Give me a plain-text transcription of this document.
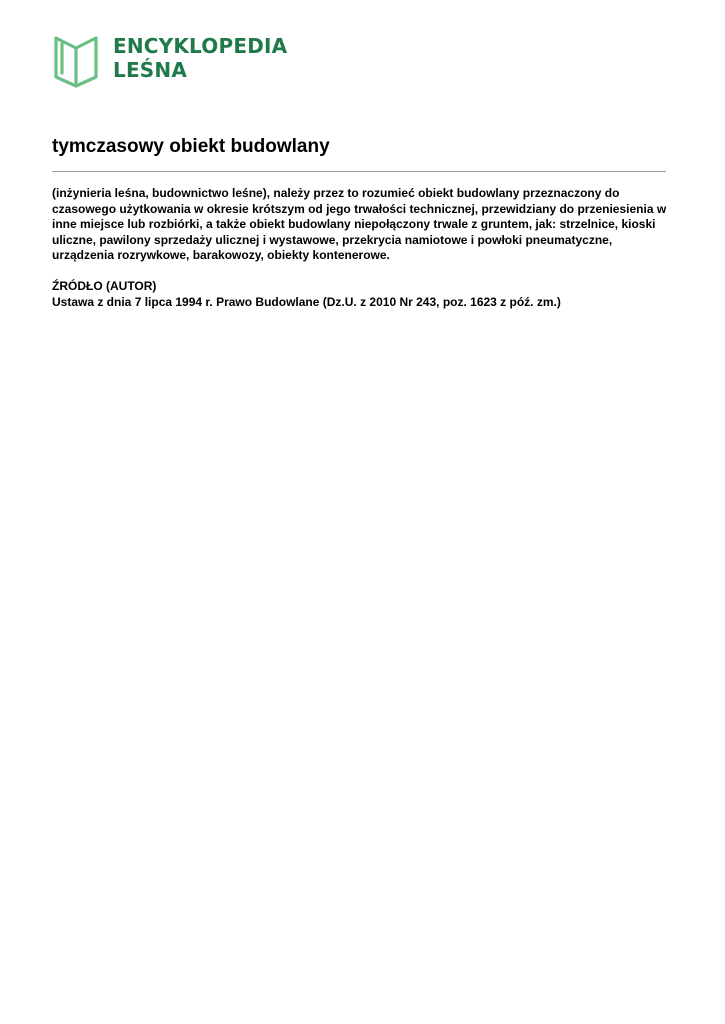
ENCYKLOPEDIA
LEŚNA
tymczasowy obiekt budowlany

(inżynieria leśna, budownictwo leśne), należy przez to rozumieć obiekt budowlany przeznaczony do czasowego użytkowania w okresie krótszym od jego trwałości technicznej, przewidziany do przeniesienia w inne miejsce lub rozbiórki, a także obiekt budowlany niepołączony trwale z gruntem, jak: strzelnice, kioski uliczne, pawilony sprzedaży ulicznej i wystawowe, przekrycia namiotowe i powłoki pneumatyczne, urządzenia rozrywkowe, barakowozy, obiekty kontenerowe.

ŹRÓDŁO (AUTOR)

Ustawa z dnia 7 lipca 1994 r. Prawo Budowlane (Dz.U. z 2010 Nr 243, poz. 1623 z póź. zm.)
